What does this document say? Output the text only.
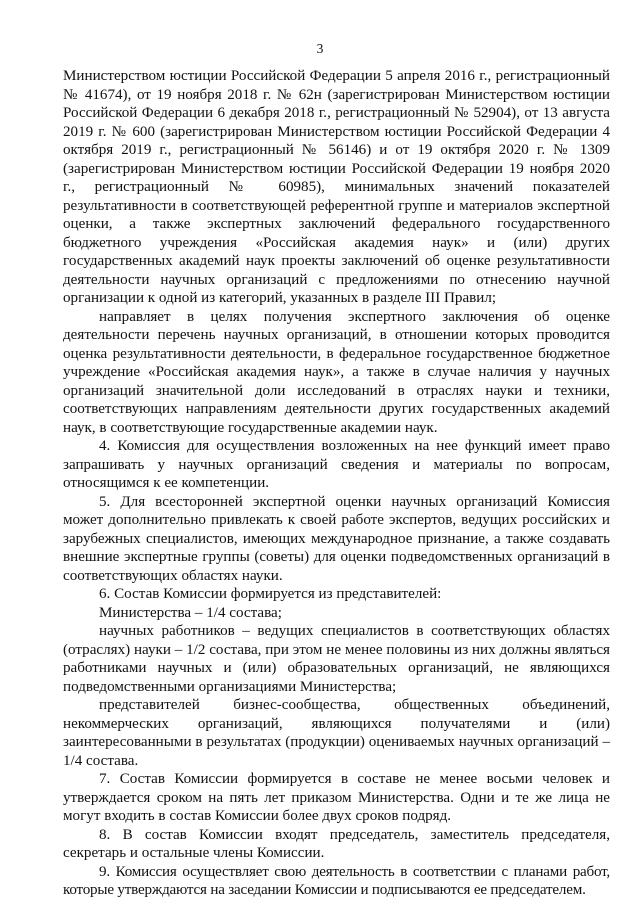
3

Министерством юстиции Российской Федерации 5 апреля 2016 г., регистрационный № 41674), от 19 ноября 2018 г. № 62н (зарегистрирован Министерством юстиции Российской Федерации 6 декабря 2018 г., регистрационный № 52904), от 13 августа 2019 г. № 600 (зарегистрирован Министерством юстиции Российской Федерации 4 октября 2019 г., регистрационный № 56146) и от 19 октября 2020 г. № 1309 (зарегистрирован Министерством юстиции Российской Федерации 19 ноября 2020 г., регистрационный № 60985), минимальных значений показателей результативности в соответствующей референтной группе и материалов экспертной оценки, а также экспертных заключений федерального государственного бюджетного учреждения «Российская академия наук» и (или) других государственных академий наук проекты заключений об оценке результативности деятельности научных организаций с предложениями по отнесению научной организации к одной из категорий, указанных в разделе III Правил;

направляет в целях получения экспертного заключения об оценке деятельности перечень научных организаций, в отношении которых проводится оценка результативности деятельности, в федеральное государственное бюджетное учреждение «Российская академия наук», а также в случае наличия у научных организаций значительной доли исследований в отраслях науки и техники, соответствующих направлениям деятельности других государственных академий наук, в соответствующие государственные академии наук.

4. Комиссия для осуществления возложенных на нее функций имеет право запрашивать у научных организаций сведения и материалы по вопросам, относящимся к ее компетенции.

5. Для всесторонней экспертной оценки научных организаций Комиссия может дополнительно привлекать к своей работе экспертов, ведущих российских и зарубежных специалистов, имеющих международное признание, а также создавать внешние экспертные группы (советы) для оценки подведомственных организаций в соответствующих областях науки.

6. Состав Комиссии формируется из представителей:

Министерства – 1/4 состава;

научных работников – ведущих специалистов в соответствующих областях (отраслях) науки – 1/2 состава, при этом не менее половины из них должны являться работниками научных и (или) образовательных организаций, не являющихся подведомственными организациями Министерства;

представителей бизнес-сообщества, общественных объединений, некоммерческих организаций, являющихся получателями и (или) заинтересованными в результатах (продукции) оцениваемых научных организаций – 1/4 состава.

7. Состав Комиссии формируется в составе не менее восьми человек и утверждается сроком на пять лет приказом Министерства. Одни и те же лица не могут входить в состав Комиссии более двух сроков подряд.

8. В состав Комиссии входят председатель, заместитель председателя, секретарь и остальные члены Комиссии.

9. Комиссия осуществляет свою деятельность в соответствии с планами работ, которые утверждаются на заседании Комиссии и подписываются ее председателем.
